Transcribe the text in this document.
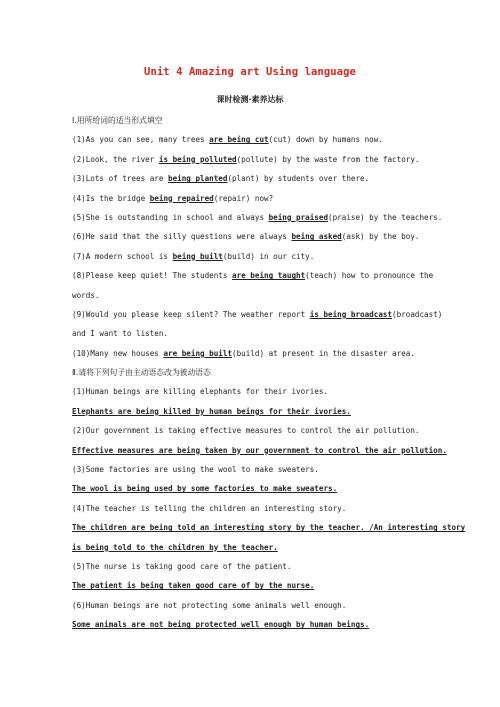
Unit 4 Amazing art Using language
课时检测·素养达标
Ⅰ.用所给词的适当形式填空
(1)As you can see, many trees are being cut(cut) down by humans now.
(2)Look, the river is being polluted(pollute) by the waste from the factory.
(3)Lots of trees are being planted(plant) by students over there.
(4)Is the bridge being repaired(repair) now?
(5)She is outstanding in school and always being praised(praise) by the teachers.
(6)He said that the silly questions were always being asked(ask) by the boy.
(7)A modern school is being built(build) in our city.
(8)Please keep quiet! The students are being taught(teach) how to pronounce the
words.
(9)Would you please keep silent? The weather report is being broadcast(broadcast)
and I want to listen.
(10)Many new houses are being built(build) at present in the disaster area.
Ⅱ.请将下列句子由主动语态改为被动语态
(1)Human beings are killing elephants for their ivories.
Elephants are being killed by human beings for their ivories.
(2)Our government is taking effective measures to control the air pollution.
Effective measures are being taken by our government to control the air pollution.
(3)Some factories are using the wool to make sweaters.
The wool is being used by some factories to make sweaters.
(4)The teacher is telling the children an interesting story.
The children are being told an interesting story by the teacher. /An interesting story
is being told to the children by the teacher.
(5)The nurse is taking good care of the patient.
The patient is being taken good care of by the nurse.
(6)Human beings are not protecting some animals well enough.
Some animals are not being protected well enough by human beings.
